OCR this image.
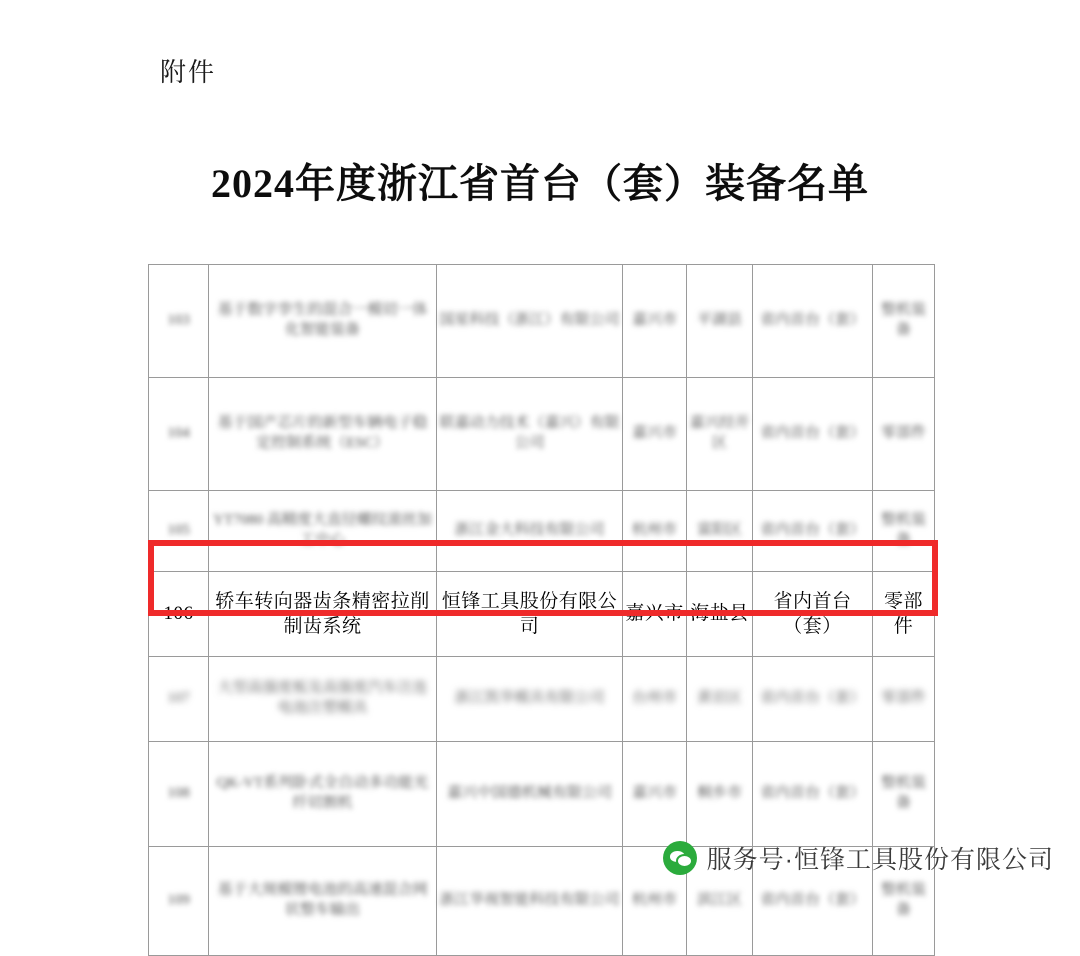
附件
2024年度浙江省首台（套）装备名单
103	基于数字孪生的混合一模切一体化智能装备	国星科技（浙江）有限公司	嘉兴市	平湖县	省内首台（套）	整机装备
104	基于国产芯片的新型车辆电子稳定控制系统（ESC）	联嘉动力技术（嘉兴）有限公司	嘉兴市	嘉兴经开区	省内首台（套）	零部件
105	YT7080 高精度大直径螺纹滚丝加工中心	浙江金大科技有限公司	杭州市	富阳区	省内首台（套）	整机装备
106	轿车转向器齿条精密拉削制齿系统	恒锋工具股份有限公司	嘉兴市	海盐县	省内首台（套）	零部件
107	大型高强度板及高强度汽车注连电池注塑模具	浙江凯华模具有限公司	台州市	黄岩区	省内首台（套）	零部件
108	QK-VT系列卧式全自动多功能光纤切割机	嘉兴中国德机械有限公司	嘉兴市	桐乡市	省内首台（套）	整机装备
109	基于大规模锂电池的高速混合网状整车输出	浙江华视智能科技有限公司	杭州市	滨江区	省内首台（套）	整机装备
服务号·恒锋工具股份有限公司
